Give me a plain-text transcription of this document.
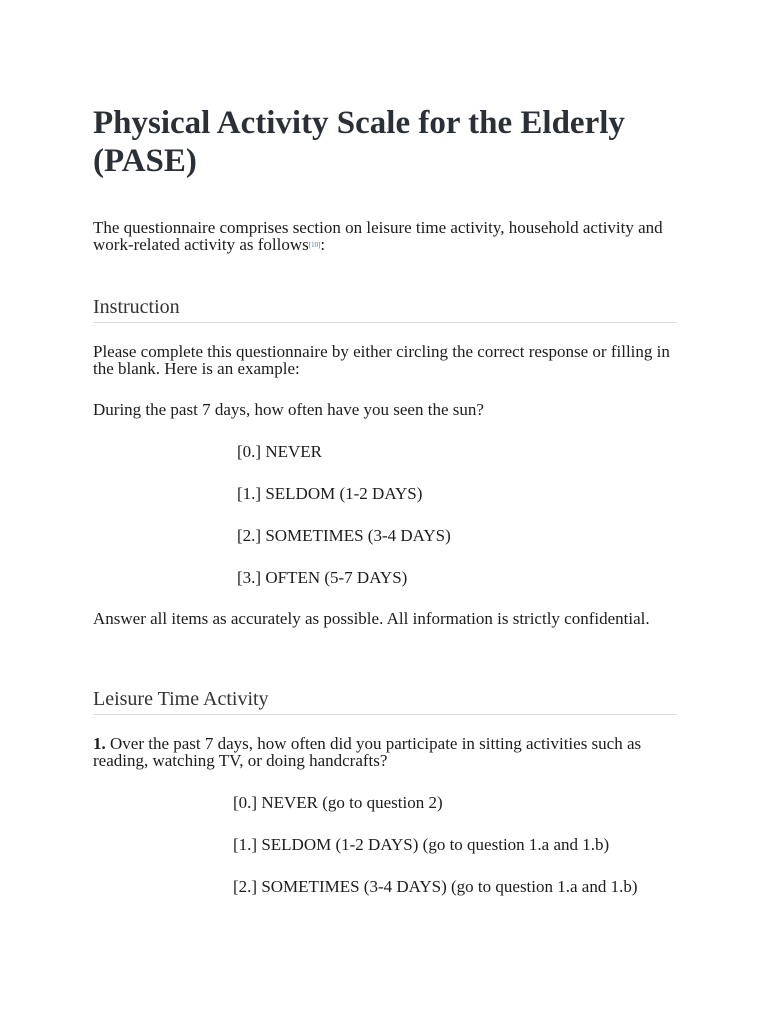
Physical Activity Scale for the Elderly (PASE)

The questionnaire comprises section on leisure time activity, household activity and work-related activity as follows[10]:

Instruction

Please complete this questionnaire by either circling the correct response or filling in the blank. Here is an example:

During the past 7 days, how often have you seen the sun?

[0.] NEVER

[1.] SELDOM (1-2 DAYS)

[2.] SOMETIMES (3-4 DAYS)

[3.] OFTEN (5-7 DAYS)

Answer all items as accurately as possible. All information is strictly confidential.

Leisure Time Activity

1. Over the past 7 days, how often did you participate in sitting activities such as reading, watching TV, or doing handcrafts?

[0.] NEVER (go to question 2)

[1.] SELDOM (1-2 DAYS) (go to question 1.a and 1.b)

[2.] SOMETIMES (3-4 DAYS) (go to question 1.a and 1.b)
